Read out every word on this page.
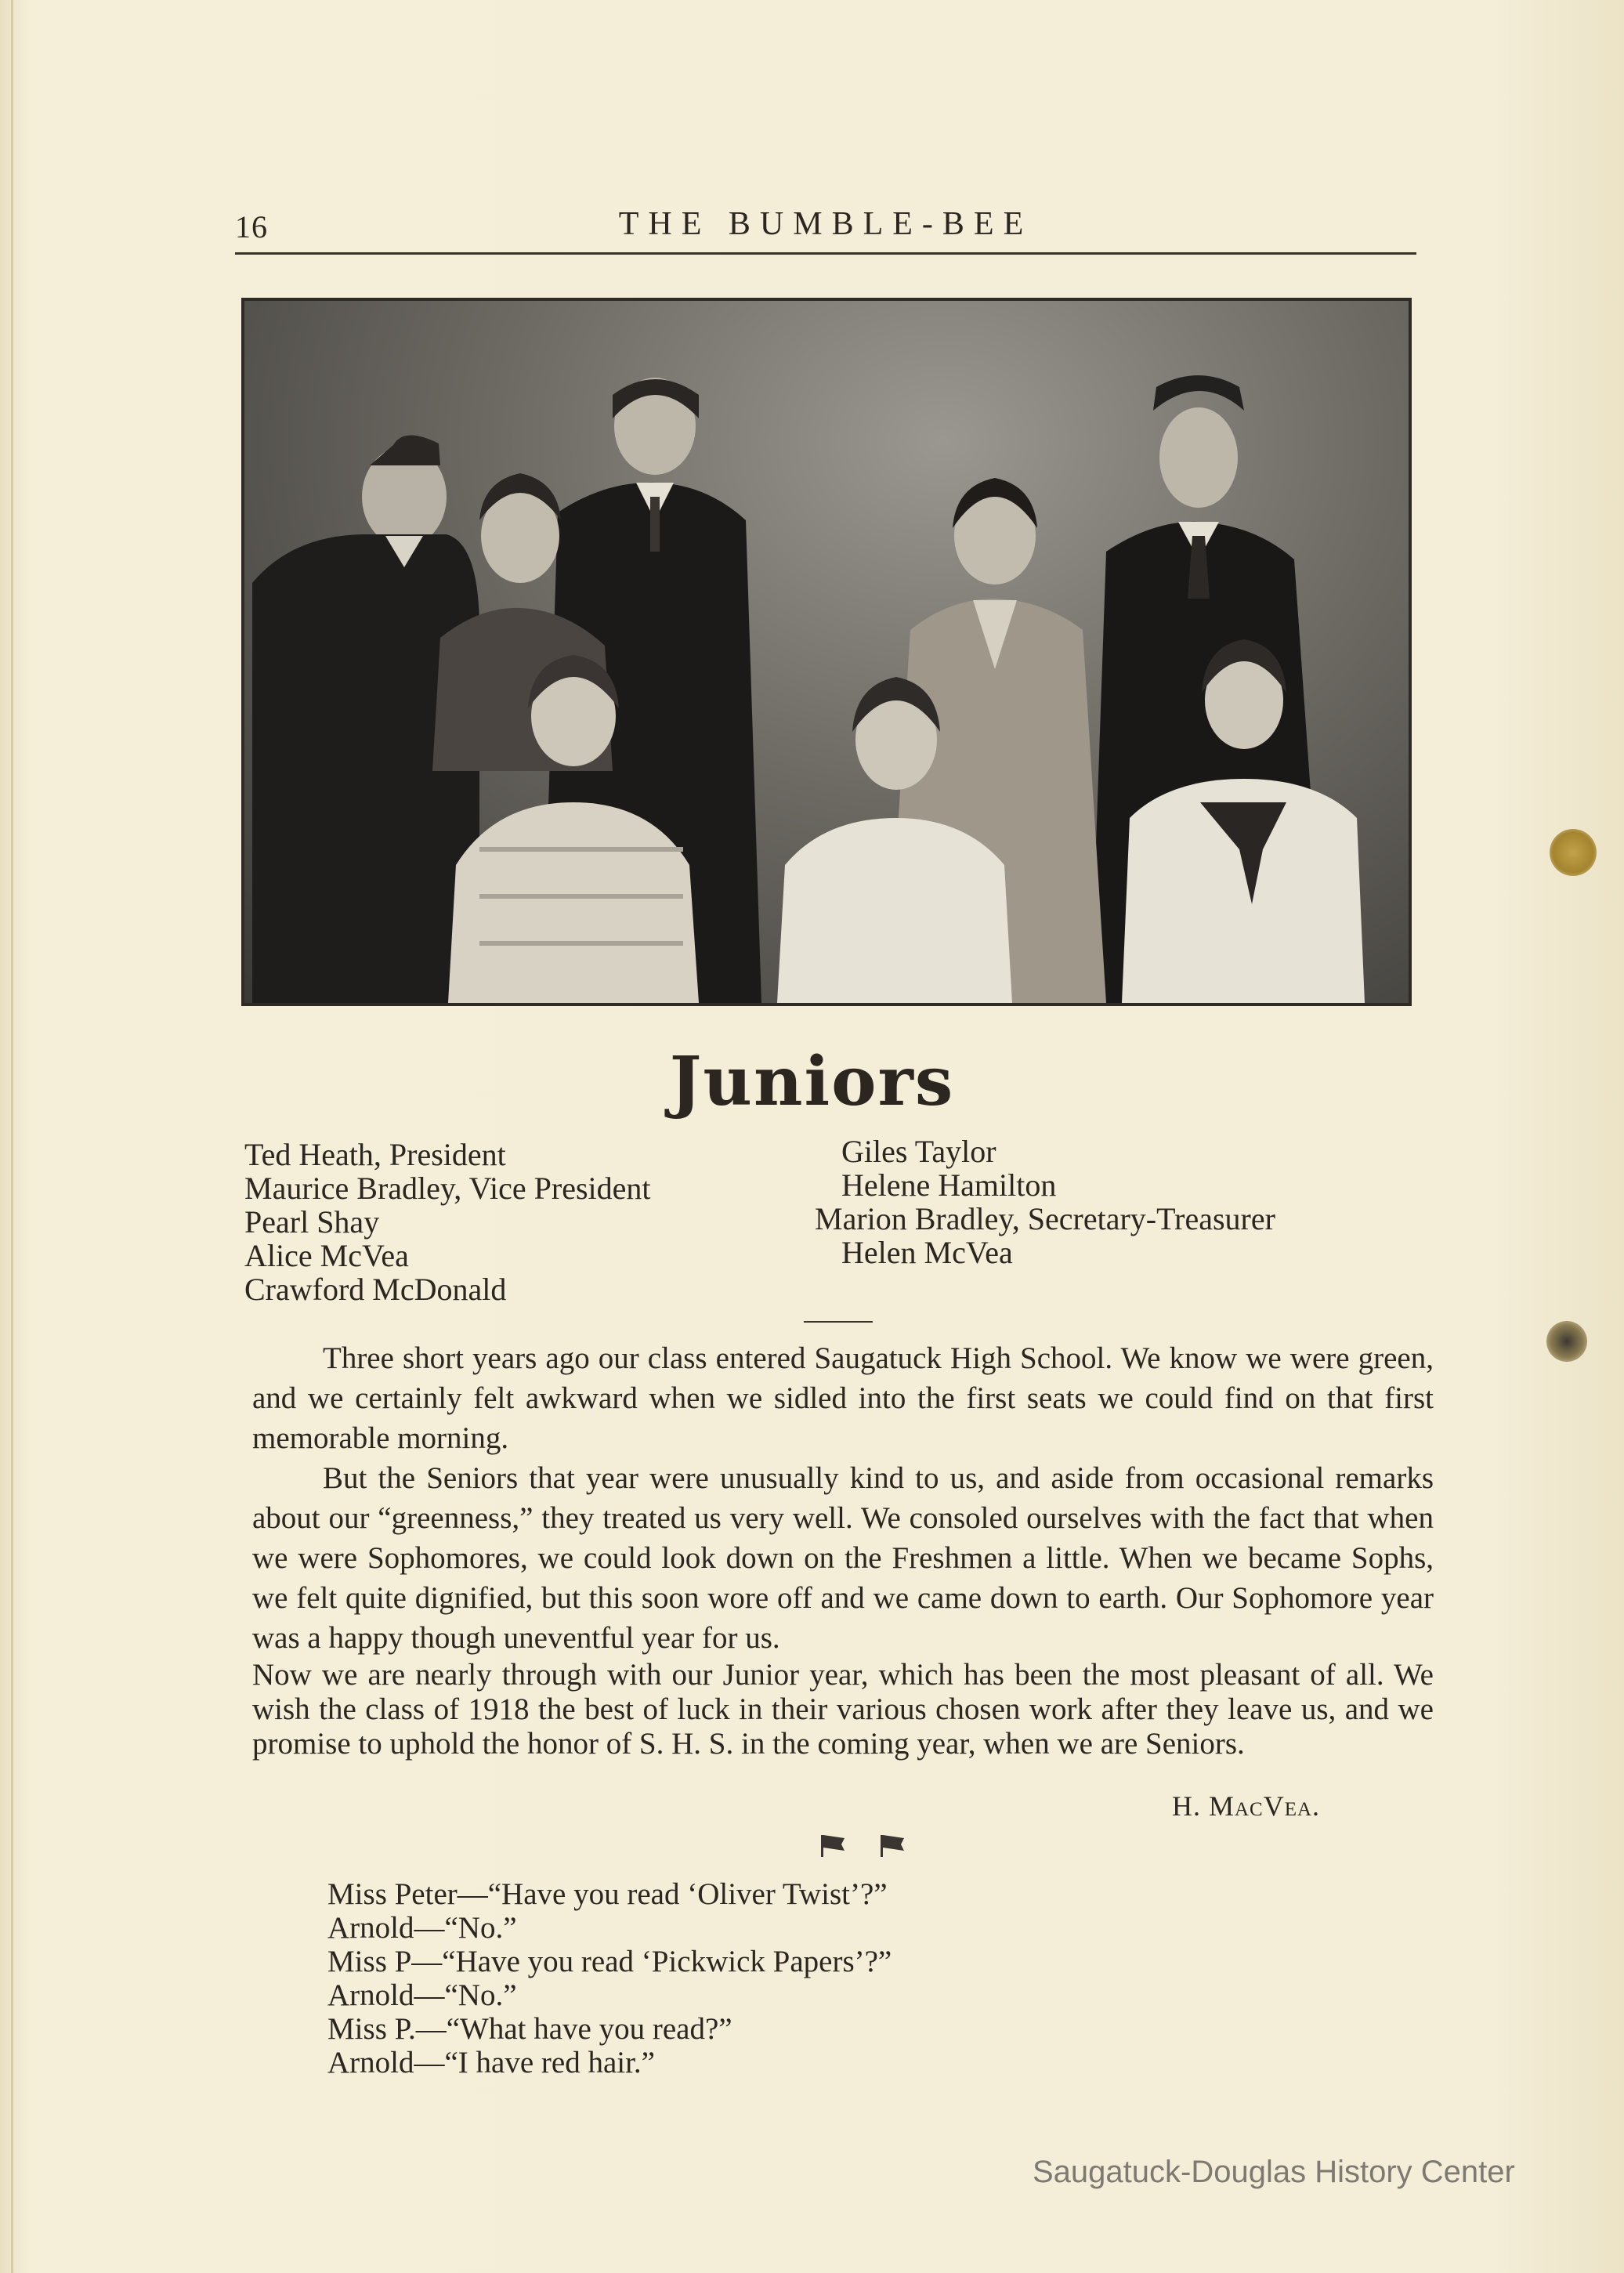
16	THE BUMBLE-BEE
Juniors
Ted Heath, President
Maurice Bradley, Vice President
Pearl Shay
Alice McVea
Crawford McDonald
Giles Taylor
Helene Hamilton
Marion Bradley, Secretary-Treasurer
Helen McVea

Three short years ago our class entered Saugatuck High School. We know we were green, and we certainly felt awkward when we sidled into the first seats we could find on that first memorable morning.

But the Seniors that year were unusually kind to us, and aside from occasional remarks about our “greenness,” they treated us very well. We consoled ourselves with the fact that when we were Sophomores, we could look down on the Freshmen a little. When we became Sophs, we felt quite dignified, but this soon wore off and we came down to earth. Our Sophomore year was a happy though uneventful year for us.

Now we are nearly through with our Junior year, which has been the most pleasant of all. We wish the class of 1918 the best of luck in their various chosen work after they leave us, and we promise to uphold the honor of S. H. S. in the coming year, when we are Seniors.

H. MacVea.
Miss Peter—“Have you read ‘Oliver Twist’?”
Arnold—“No.”
Miss P—“Have you read ‘Pickwick Papers’?”
Arnold—“No.”
Miss P.—“What have you read?”
Arnold—“I have red hair.”
Saugatuck-Douglas History Center
